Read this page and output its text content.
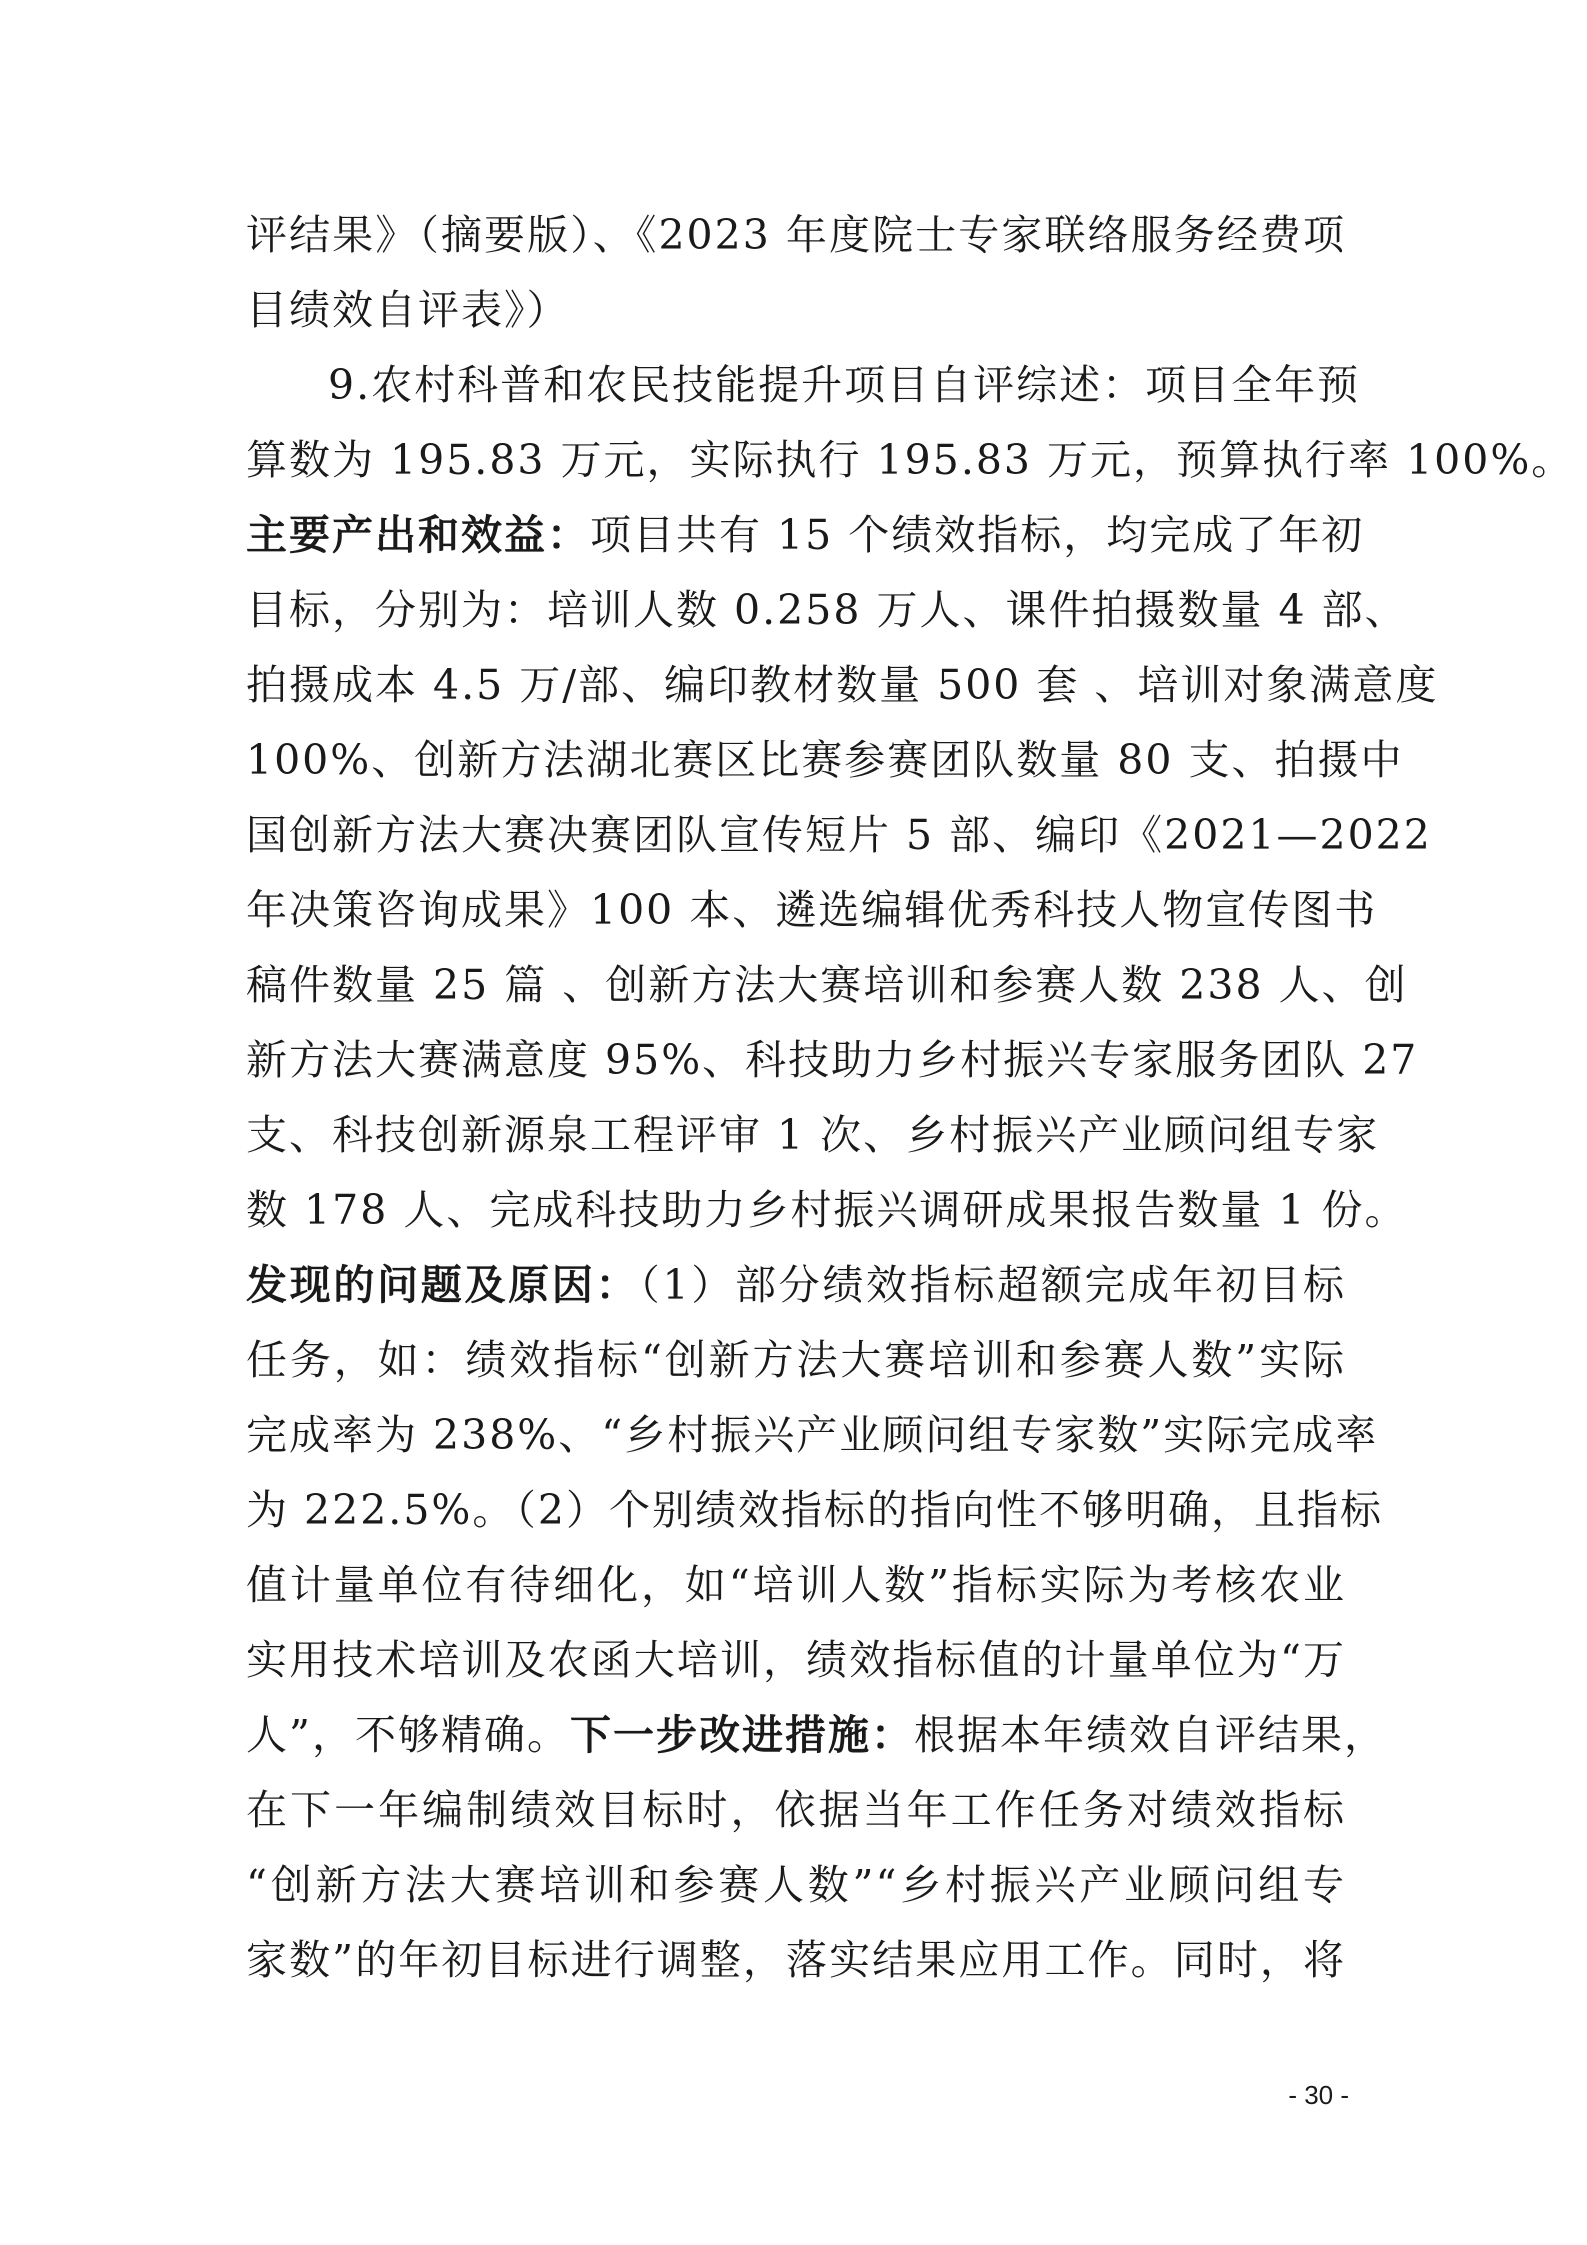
评结果》（摘要版）、《2023 年度院士专家联络服务经费项
目绩效自评表》）
9.农村科普和农民技能提升项目自评综述：项目全年预
算数为 195.83 万元，实际执行 195.83 万元，预算执行率 100%。
主要产出和效益：项目共有 15 个绩效指标，均完成了年初
目标，分别为：培训人数 0.258 万人、课件拍摄数量 4 部、
拍摄成本 4.5 万/部、编印教材数量 500 套 、培训对象满意度
100%、创新方法湖北赛区比赛参赛团队数量 80 支、拍摄中
国创新方法大赛决赛团队宣传短片 5 部、编印《2021—2022
年决策咨询成果》100 本、遴选编辑优秀科技人物宣传图书
稿件数量 25 篇 、创新方法大赛培训和参赛人数 238 人、创
新方法大赛满意度 95%、科技助力乡村振兴专家服务团队 27
支、科技创新源泉工程评审 1 次、乡村振兴产业顾问组专家
数 178 人、完成科技助力乡村振兴调研成果报告数量 1 份。
发现的问题及原因：（1）部分绩效指标超额完成年初目标
任务，如：绩效指标“创新方法大赛培训和参赛人数”实际
完成率为 238%、“乡村振兴产业顾问组专家数”实际完成率
为 222.5%。（2）个别绩效指标的指向性不够明确，且指标
值计量单位有待细化，如“培训人数”指标实际为考核农业
实用技术培训及农函大培训，绩效指标值的计量单位为“万
人”，不够精确。下一步改进措施：根据本年绩效自评结果，
在下一年编制绩效目标时，依据当年工作任务对绩效指标
“创新方法大赛培训和参赛人数”“乡村振兴产业顾问组专
家数”的年初目标进行调整，落实结果应用工作。同时，将
- 30 -
